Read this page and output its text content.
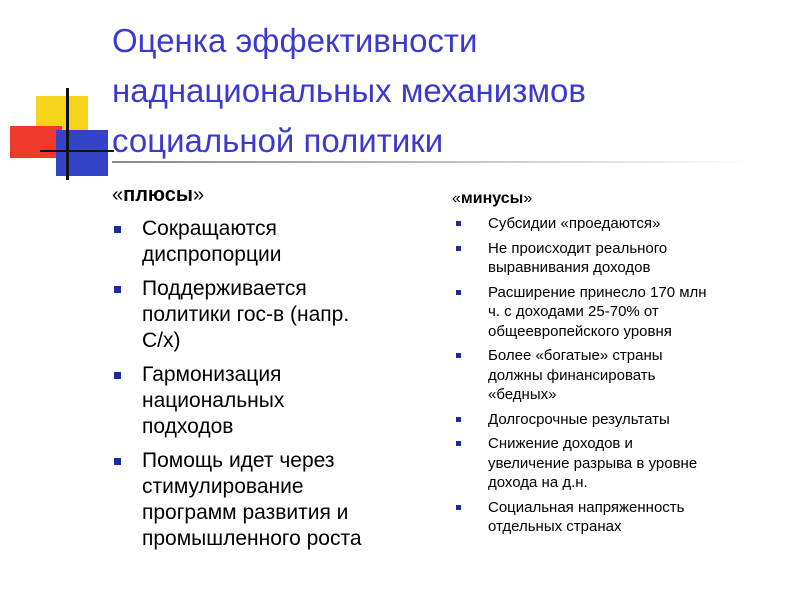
Оценка эффективности
наднациональных механизмов
социальной политики
«плюсы»
Сокращаются
диспропорции
Поддерживается
политики гос-в (напр.
С/х)
Гармонизация
национальных
подходов
Помощь идет через
стимулирование
программ развития и
промышленного роста
«минусы»
Субсидии «проедаются»
Не происходит реального
выравнивания доходов
Расширение принесло 170 млн
ч. с доходами 25-70% от
общеевропейского уровня
Более «богатые» страны
должны финансировать
«бедных»
Долгосрочные результаты
Снижение доходов и
увеличение разрыва в уровне
дохода на д.н.
Социальная напряженность
отдельных странах
